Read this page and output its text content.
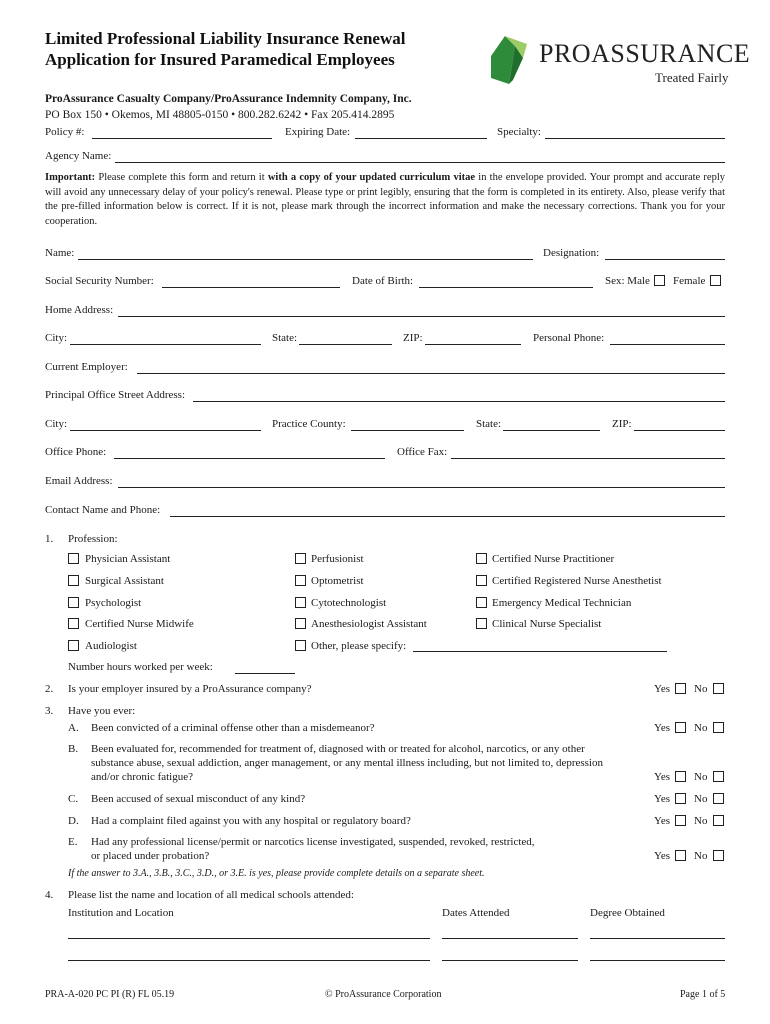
Limited Professional Liability Insurance Renewal
Application for Insured Paramedical Employees	PROASSURANCE
Treated Fairly
ProAssurance Casualty Company/ProAssurance Indemnity Company, Inc.
PO Box 150 • Okemos, MI 48805-0150 • 800.282.6242 • Fax 205.414.2895
Policy #:	Expiring Date:	Specialty:
Agency Name:
Important: Please complete this form and return it with a copy of your updated curriculum vitae in the envelope provided. Your prompt and accurate reply will avoid any unnecessary delay of your policy's renewal. Please type or print legibly, ensuring that the form is completed in its entirety. Also, please verify that the pre-filled information below is correct. If it is not, please mark through the incorrect information and make the necessary corrections. Thank you for your cooperation.
Name:	Designation:
Social Security Number:	Date of Birth:	Sex: Male Female
Home Address:
City:	State:	ZIP:	Personal Phone:
Current Employer:
Principal Office Street Address:
City:	Practice County:	State:	ZIP:
Office Phone:	Office Fax:
Email Address:
Contact Name and Phone:
1. Profession:
Physician Assistant
Surgical Assistant
Psychologist
Certified Nurse Midwife
Audiologist
Perfusionist
Optometrist
Cytotechnologist
Anesthesiologist Assistant
Other, please specify:
Certified Nurse Practitioner
Certified Registered Nurse Anesthetist
Emergency Medical Technician
Clinical Nurse Specialist
Number hours worked per week:
2. Is your employer insured by a ProAssurance company?	Yes No
3. Have you ever:
A. Been convicted of a criminal offense other than a misdemeanor?	Yes No
B. Been evaluated for, recommended for treatment of, diagnosed with or treated for alcohol, narcotics, or any other
substance abuse, sexual addiction, anger management, or any mental illness including, but not limited to, depression
and/or chronic fatigue?	Yes No
C. Been accused of sexual misconduct of any kind?	Yes No
D. Had a complaint filed against you with any hospital or regulatory board?	Yes No
E. Had any professional license/permit or narcotics license investigated, suspended, revoked, restricted,
or placed under probation?	Yes No
If the answer to 3.A., 3.B., 3.C., 3.D., or 3.E. is yes, please provide complete details on a separate sheet.
4. Please list the name and location of all medical schools attended:
Institution and Location	Dates Attended	Degree Obtained
PRA-A-020 PC PI (R) FL 05.19	© ProAssurance Corporation	Page 1 of 5
